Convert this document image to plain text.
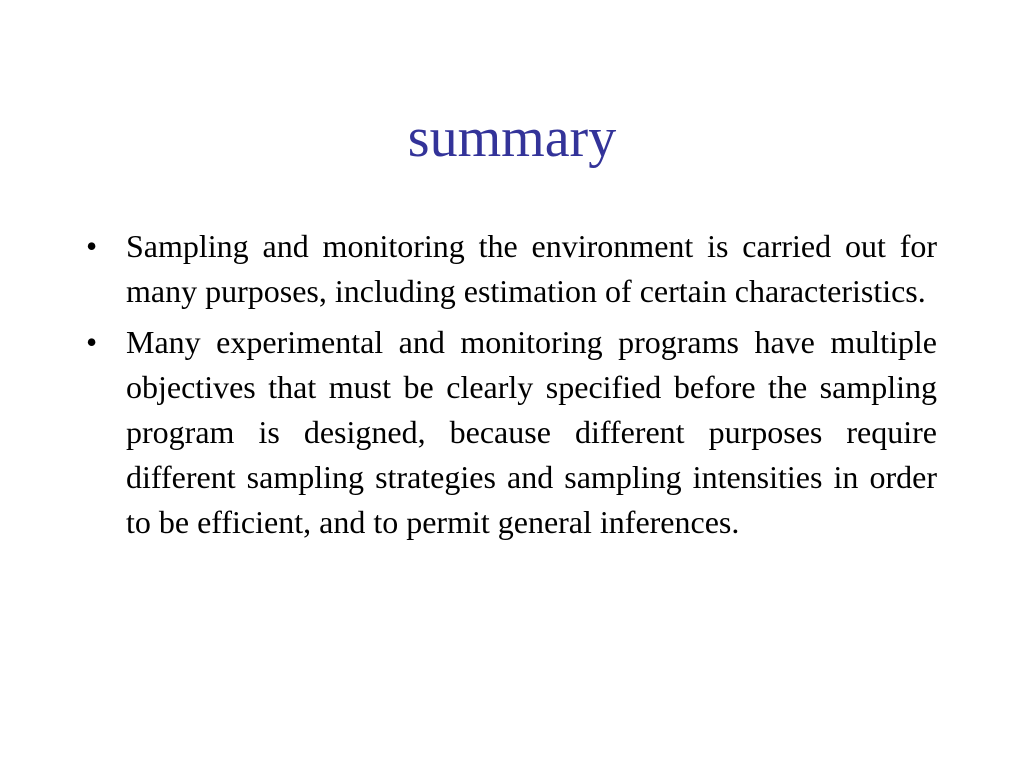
summary
• Sampling and monitoring the environment is carried out for many purposes, including estimation of certain characteristics.
• Many experimental and monitoring programs have multiple objectives that must be clearly specified before the sampling program is designed, because different purposes require different sampling strategies and sampling intensities in order to be efficient, and to permit general inferences.
